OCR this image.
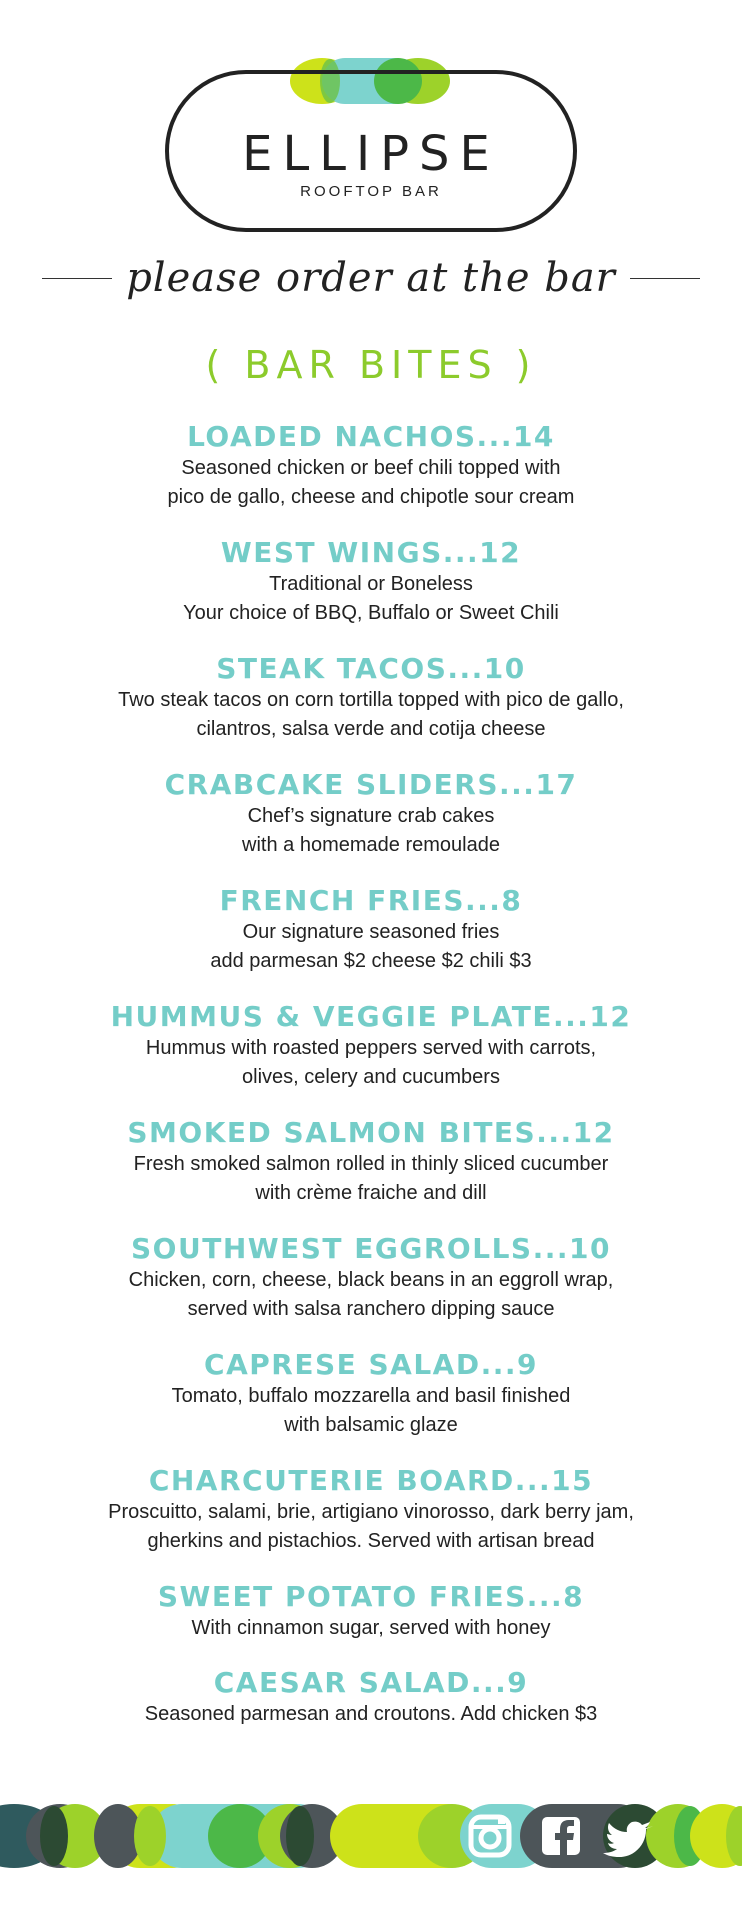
ELLIPSE
ROOFTOP BAR
please order at the bar
( BAR BITES )
LOADED NACHOS...14
Seasoned chicken or beef chili topped with
pico de gallo, cheese and chipotle sour cream
WEST WINGS...12
Traditional or Boneless
Your choice of BBQ, Buffalo or Sweet Chili
STEAK TACOS...10
Two steak tacos on corn tortilla topped with pico de gallo,
cilantros, salsa verde and cotija cheese
CRABCAKE SLIDERS...17
Chef’s signature crab cakes
with a homemade remoulade
FRENCH FRIES...8
Our signature seasoned fries
add parmesan $2 cheese $2 chili $3
HUMMUS & VEGGIE PLATE...12
Hummus with roasted peppers served with carrots,
olives, celery and cucumbers
SMOKED SALMON BITES...12
Fresh smoked salmon rolled in thinly sliced cucumber
with crème fraiche and dill
SOUTHWEST EGGROLLS...10
Chicken, corn, cheese, black beans in an eggroll wrap,
served with salsa ranchero dipping sauce
CAPRESE SALAD...9
Tomato, buffalo mozzarella and basil finished
with balsamic glaze
CHARCUTERIE BOARD...15
Proscuitto, salami, brie, artigiano vinorosso, dark berry jam,
gherkins and pistachios. Served with artisan bread
SWEET POTATO FRIES...8
With cinnamon sugar, served with honey
CAESAR SALAD...9
Seasoned parmesan and croutons. Add chicken $3
